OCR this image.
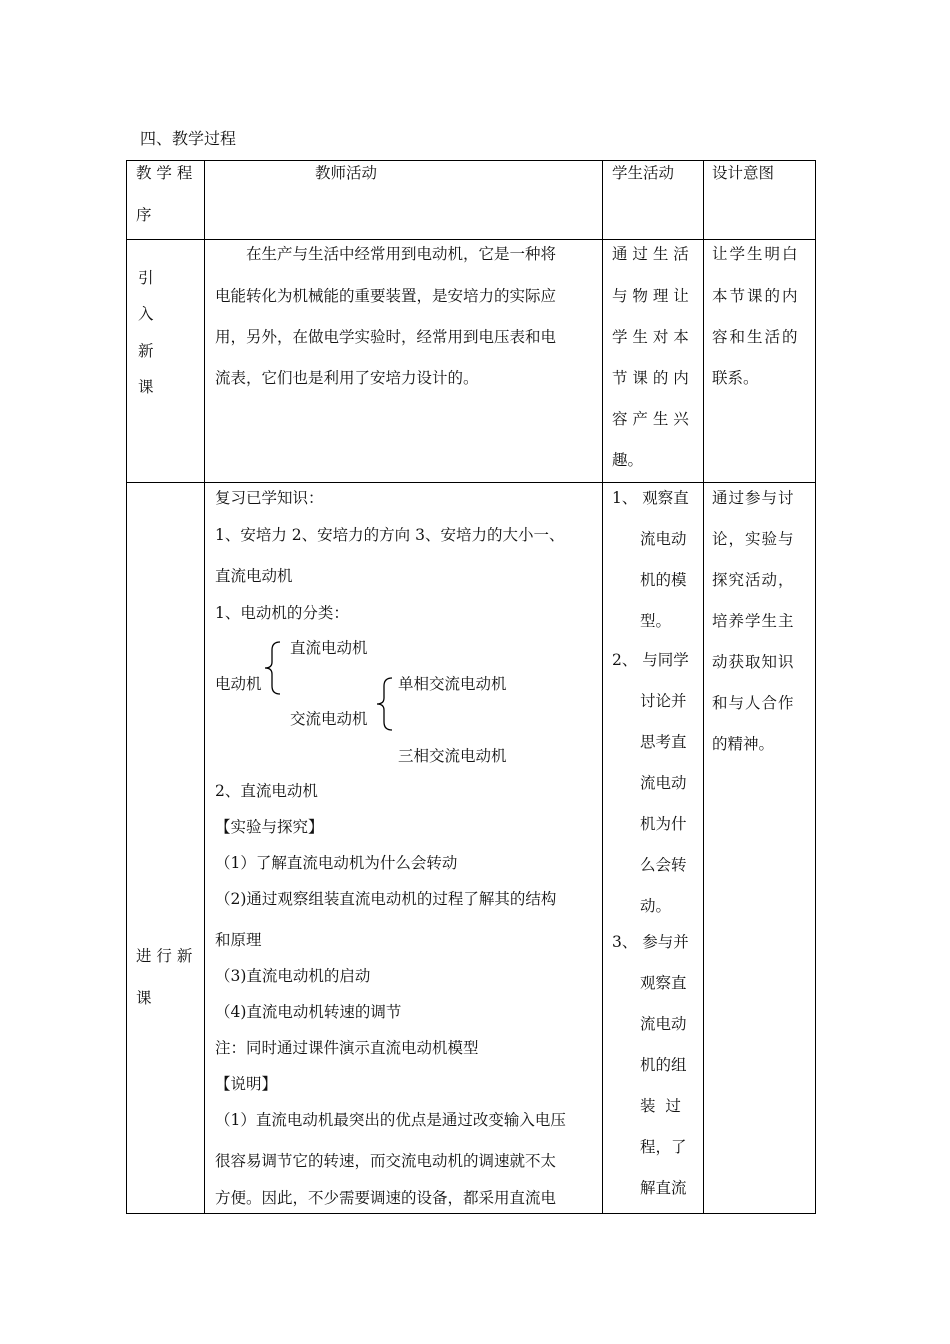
四、教学过程
教 学 程
序
教师活动	学生活动 设计意图
引
入
新
课
在生产与生活中经常用到电动机，它是一种将
电能转化为机械能的重要装置，是安培力的实际应
用，另外，在做电学实验时，经常用到电压表和电
流表，它们也是利用了安培力设计的。
通 过 生 活
与 物 理 让
学 生 对 本
节 课 的 内
容 产 生 兴
趣。
让学生明白
本节课的内
容和生活的
联系。
进 行 新
课
复习已学知识：
1、安培力 2、安培力的方向 3、安培力的大小一、
直流电动机
1、电动机的分类：
直流电动机
电动机	单相交流电动机
交流电动机
三相交流电动机
2、直流电动机
【实验与探究】
（1）了解直流电动机为什么会转动
（2)通过观察组装直流电动机的过程了解其的结构
和原理
（3)直流电动机的启动
（4)直流电动机转速的调节
注：同时通过课件演示直流电动机模型
【说明】
（1）直流电动机最突出的优点是通过改变输入电压
很容易调节它的转速，而交流电动机的调速就不太
方便。因此，不少需要调速的设备，都采用直流电
1、 观察直
流电动
机的模
型。
2、 与同学
讨论并
思考直
流电动
机为什
么会转
动。
3、 参与并
观察直
流电动
机的组
装  过
程，了
解直流
通过参与讨
论，实验与
探究活动，
培养学生主
动获取知识
和与人合作
的精神。
